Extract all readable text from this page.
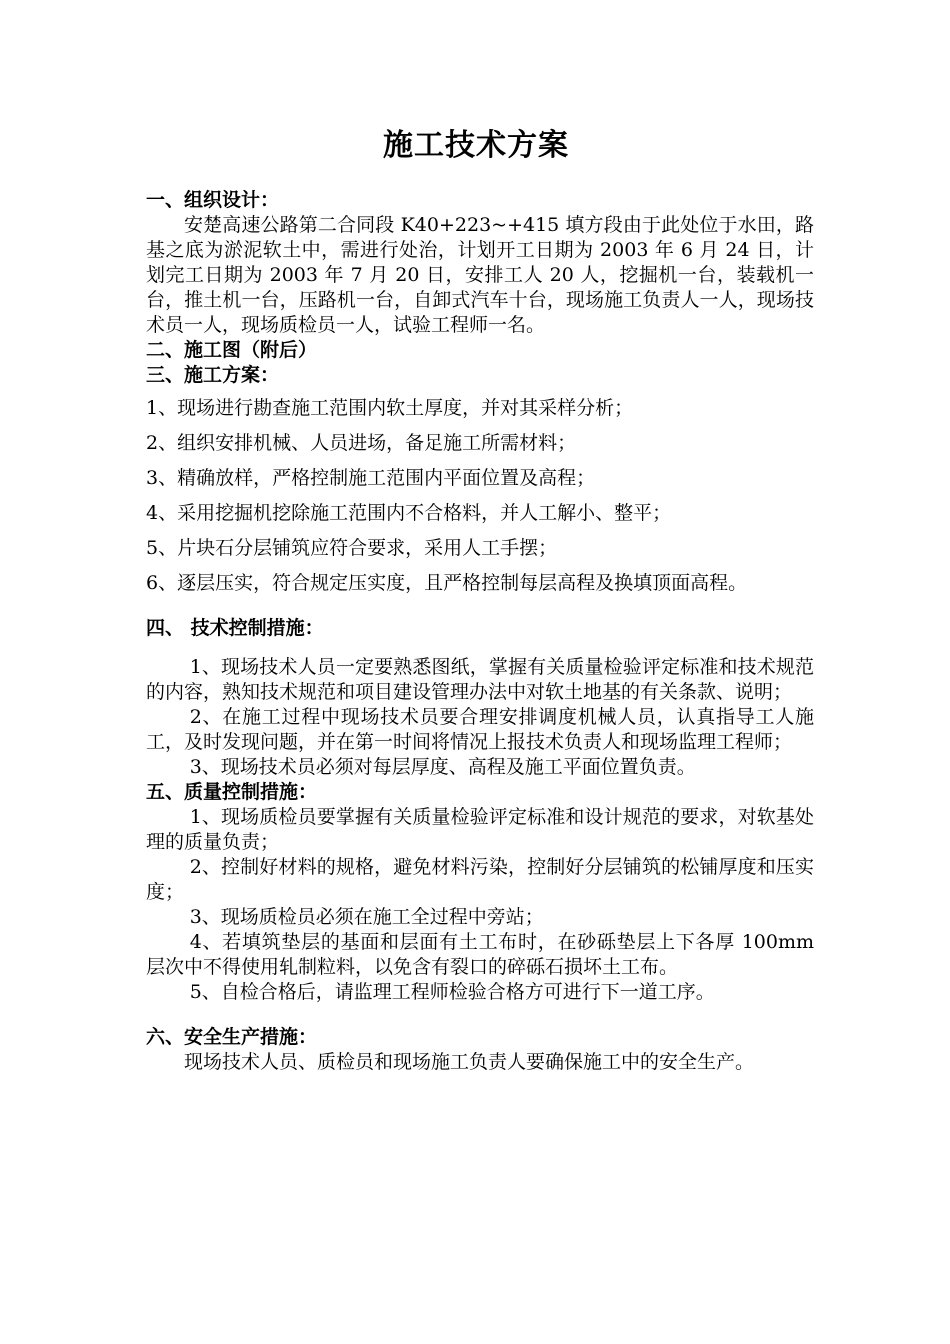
施工技术方案
一、组织设计：
安楚高速公路第二合同段 K40+223~+415 填方段由于此处位于水田，路基之底为淤泥软土中，需进行处治，计划开工日期为 2003 年 6 月 24 日，计划完工日期为 2003 年 7 月 20 日，安排工人 20 人，挖掘机一台，装载机一台，推土机一台，压路机一台，自卸式汽车十台，现场施工负责人一人，现场技术员一人，现场质检员一人，试验工程师一名。
二、施工图（附后）
三、施工方案：
1、现场进行勘查施工范围内软土厚度，并对其采样分析；
2、组织安排机械、人员进场，备足施工所需材料；
3、精确放样，严格控制施工范围内平面位置及高程；
4、采用挖掘机挖除施工范围内不合格料，并人工解小、整平；
5、片块石分层铺筑应符合要求，采用人工手摆；
6、逐层压实，符合规定压实度，且严格控制每层高程及换填顶面高程。
四、 技术控制措施：
1、现场技术人员一定要熟悉图纸，掌握有关质量检验评定标准和技术规范的内容，熟知技术规范和项目建设管理办法中对软土地基的有关条款、说明；
2、在施工过程中现场技术员要合理安排调度机械人员，认真指导工人施工，及时发现问题，并在第一时间将情况上报技术负责人和现场监理工程师；
3、现场技术员必须对每层厚度、高程及施工平面位置负责。
五、质量控制措施：
1、现场质检员要掌握有关质量检验评定标准和设计规范的要求，对软基处理的质量负责；
2、控制好材料的规格，避免材料污染，控制好分层铺筑的松铺厚度和压实度；
3、现场质检员必须在施工全过程中旁站；
4、若填筑垫层的基面和层面有土工布时，在砂砾垫层上下各厚 100mm 层次中不得使用轧制粒料，以免含有裂口的碎砾石损坏土工布。
5、自检合格后，请监理工程师检验合格方可进行下一道工序。
六、安全生产措施：
现场技术人员、质检员和现场施工负责人要确保施工中的安全生产。
